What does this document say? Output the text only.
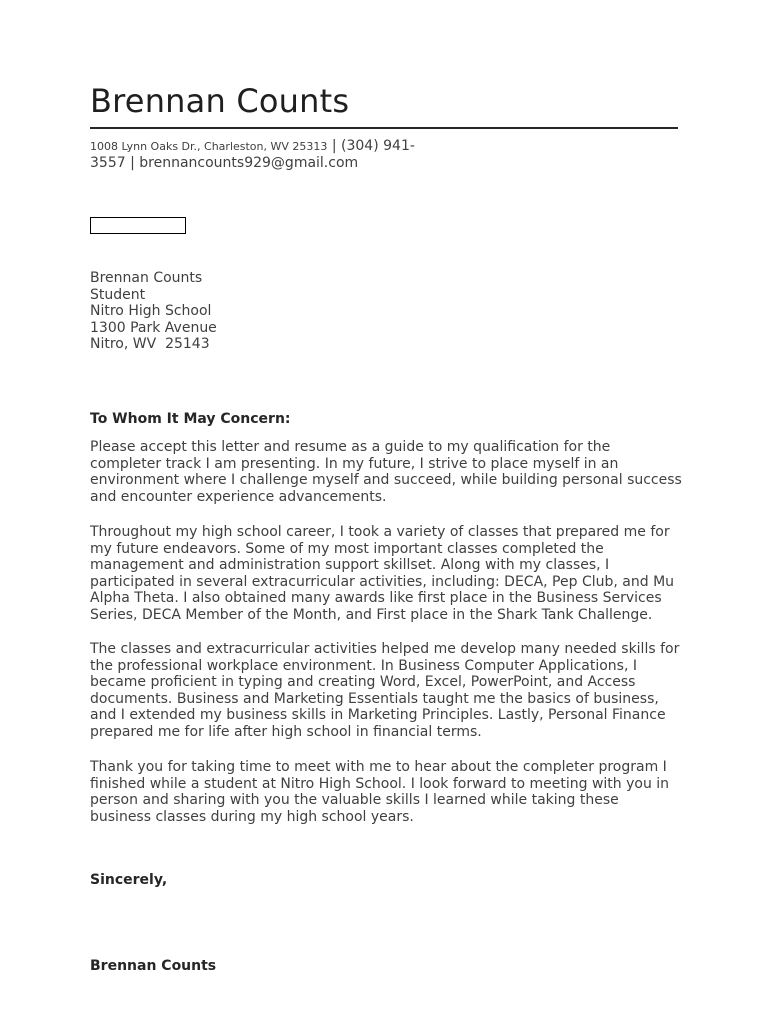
Brennan Counts
1008 Lynn Oaks Dr., Charleston, WV 25313 | (304) 941-3557 | brennancounts929@gmail.com
Brennan Counts
Student
Nitro High School
1300 Park Avenue
Nitro, WV  25143
To Whom It May Concern:

Please accept this letter and resume as a guide to my qualification for the completer track I am presenting. In my future, I strive to place myself in an environment where I challenge myself and succeed, while building personal success and encounter experience advancements.

Throughout my high school career, I took a variety of classes that prepared me for my future endeavors. Some of my most important classes completed the management and administration support skillset. Along with my classes, I participated in several extracurricular activities, including: DECA, Pep Club, and Mu Alpha Theta. I also obtained many awards like first place in the Business Services Series, DECA Member of the Month, and First place in the Shark Tank Challenge.

The classes and extracurricular activities helped me develop many needed skills for the professional workplace environment. In Business Computer Applications, I became proficient in typing and creating Word, Excel, PowerPoint, and Access documents. Business and Marketing Essentials taught me the basics of business, and I extended my business skills in Marketing Principles. Lastly, Personal Finance prepared me for life after high school in financial terms.

Thank you for taking time to meet with me to hear about the completer program I finished while a student at Nitro High School. I look forward to meeting with you in person and sharing with you the valuable skills I learned while taking these business classes during my high school years.

Sincerely,
Brennan Counts
